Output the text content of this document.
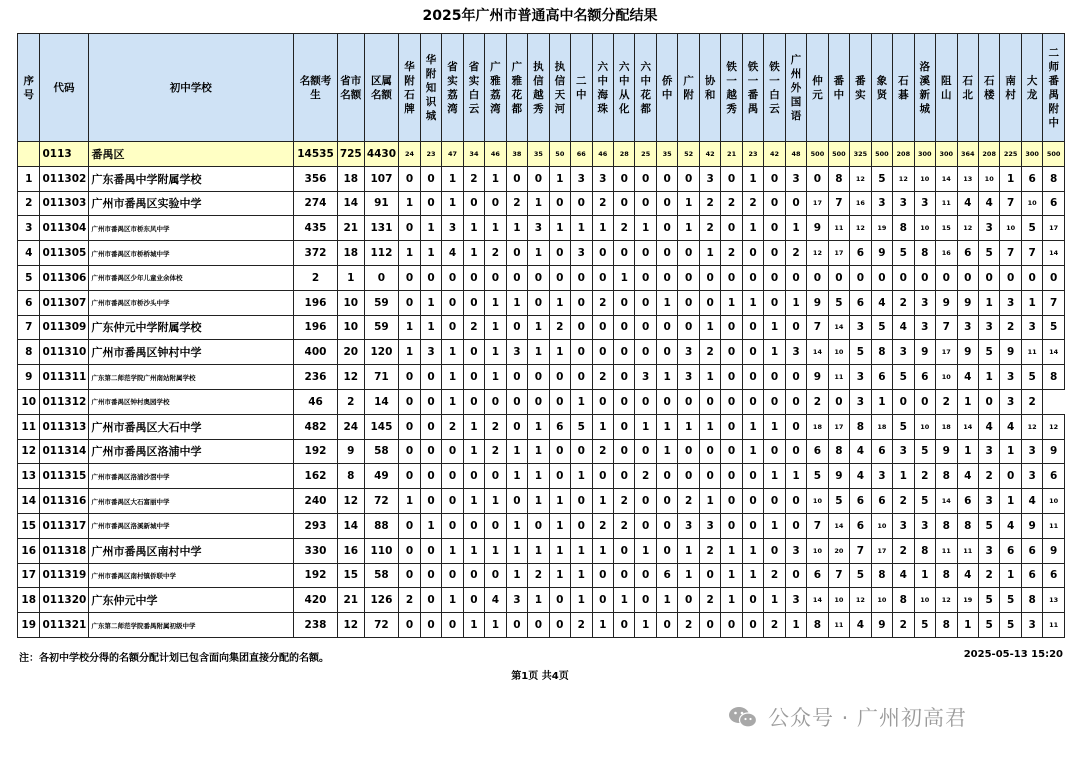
2025年广州市普通高中名额分配结果
序号	代码	初中学校	名额考生	省市名额	区属名额	华附石牌	华附知识城	省实荔湾	省实白云	广雅荔湾	广雅花都	执信越秀	执信天河	二中	六中海珠	六中从化	六中花都	侨中	广附	协和	铁一越秀	铁一番禺	铁一白云	广州外国语	仲元	番中	番实	象贤	石碁	洛溪新城	阻山	石北	石楼	南村	大龙	二师番禺附中
	0113	番禺区	14535	725	4430	24	23	47	34	46	38	35	50	66	46	28	25	35	52	42	21	23	42	48	500	500	325	500	208	300	300	364	208	225	300	500
1	011302	广东番禺中学附属学校	356	18	107	0	0	1	2	1	0	0	1	3	3	0	0	0	0	3	0	1	0	3	0	8	12	5	12	10	14	13	10	1	6	8
2	011303	广州市番禺区实验中学	274	14	91	1	0	1	0	0	2	1	0	0	2	0	0	0	1	2	2	2	0	0	17	7	16	3	3	3	11	4	4	7	10	6
3	011304	广州市番禺区市桥东风中学	435	21	131	0	1	3	1	1	1	3	1	1	1	2	1	0	1	2	0	1	0	1	9	11	12	19	8	10	15	12	3	10	5	17
4	011305	广州市番禺区市桥桥城中学	372	18	112	1	1	4	1	2	0	1	0	3	0	0	0	0	0	1	2	0	0	2	12	17	6	9	5	8	16	6	5	7	7	14
5	011306	广州市番禺区少年儿童业余体校	2	1	0	0	0	0	0	0	0	0	0	0	0	1	0	0	0	0	0	0	0	0	0	0	0	0	0	0	0	0	0	0	0	0
6	011307	广州市番禺区市桥沙头中学	196	10	59	0	1	0	0	1	1	0	1	0	2	0	0	1	0	0	1	1	0	1	9	5	6	4	2	3	9	9	1	3	1	7
7	011309	广东仲元中学附属学校	196	10	59	1	1	0	2	1	0	1	2	0	0	0	0	0	0	1	0	0	1	0	7	14	3	5	4	3	7	3	3	2	3	5
8	011310	广州市番禺区钟村中学	400	20	120	1	3	1	0	1	3	1	1	0	0	0	0	0	3	2	0	0	1	3	14	10	5	8	3	9	17	9	5	9	11	14
9	011311	广东第二师范学院广州南站附属学校	236	12	71	0	0	1	0	1	0	0	0	0	2	0	3	1	3	1	0	0	0	0	9	11	3	6	5	6	10	4	1	3	5	8
10	011312	广州市番禺区钟村奥园学校	46	2	14	0	0	1	0	0	0	0	0	1	0	0	0	0	0	0	0	0	0	0	2	0	3	1	0	0	2	1	0	3	2	
11	011313	广州市番禺区大石中学	482	24	145	0	0	2	1	2	0	1	6	5	1	0	1	1	1	1	0	1	1	0	18	17	8	18	5	10	18	14	4	4	12	12
12	011314	广州市番禺区洛浦中学	192	9	58	0	0	0	1	2	1	1	0	0	2	0	0	1	0	0	0	1	0	0	6	8	4	6	3	5	9	1	3	1	3	9
13	011315	广州市番禺区洛浦沙滘中学	162	8	49	0	0	0	0	0	1	1	0	1	0	0	2	0	0	0	0	0	1	1	5	9	4	3	1	2	8	4	2	0	3	6
14	011316	广州市番禺区大石富丽中学	240	12	72	1	0	0	1	1	0	1	1	0	1	2	0	0	2	1	0	0	0	0	10	5	6	6	2	5	14	6	3	1	4	10
15	011317	广州市番禺区洛溪新城中学	293	14	88	0	1	0	0	0	1	0	1	0	2	2	0	0	3	3	0	0	1	0	7	14	6	10	3	3	8	8	5	4	9	11
16	011318	广州市番禺区南村中学	330	16	110	0	0	1	1	1	1	1	1	1	1	0	1	0	1	2	1	1	0	3	10	20	7	17	2	8	11	11	3	6	6	9
17	011319	广州市番禺区南村镇侨联中学	192	15	58	0	0	0	0	0	1	2	1	1	0	0	0	6	1	0	1	1	2	0	6	7	5	8	4	1	8	4	2	1	6	6
18	011320	广东仲元中学	420	21	126	2	0	1	0	4	3	1	0	1	0	1	0	1	0	2	1	0	1	3	14	10	12	10	8	10	12	19	5	5	8	13
19	011321	广东第二师范学院番禺附属初级中学	238	12	72	0	0	0	1	1	0	0	0	2	1	0	1	0	2	0	0	0	2	1	8	11	4	9	2	5	8	1	5	5	3	11
注：各初中学校分得的名额分配计划已包含面向集团直接分配的名额。	2025-05-13 15:20
第1页 共4页
公众号 · 广州初高君
